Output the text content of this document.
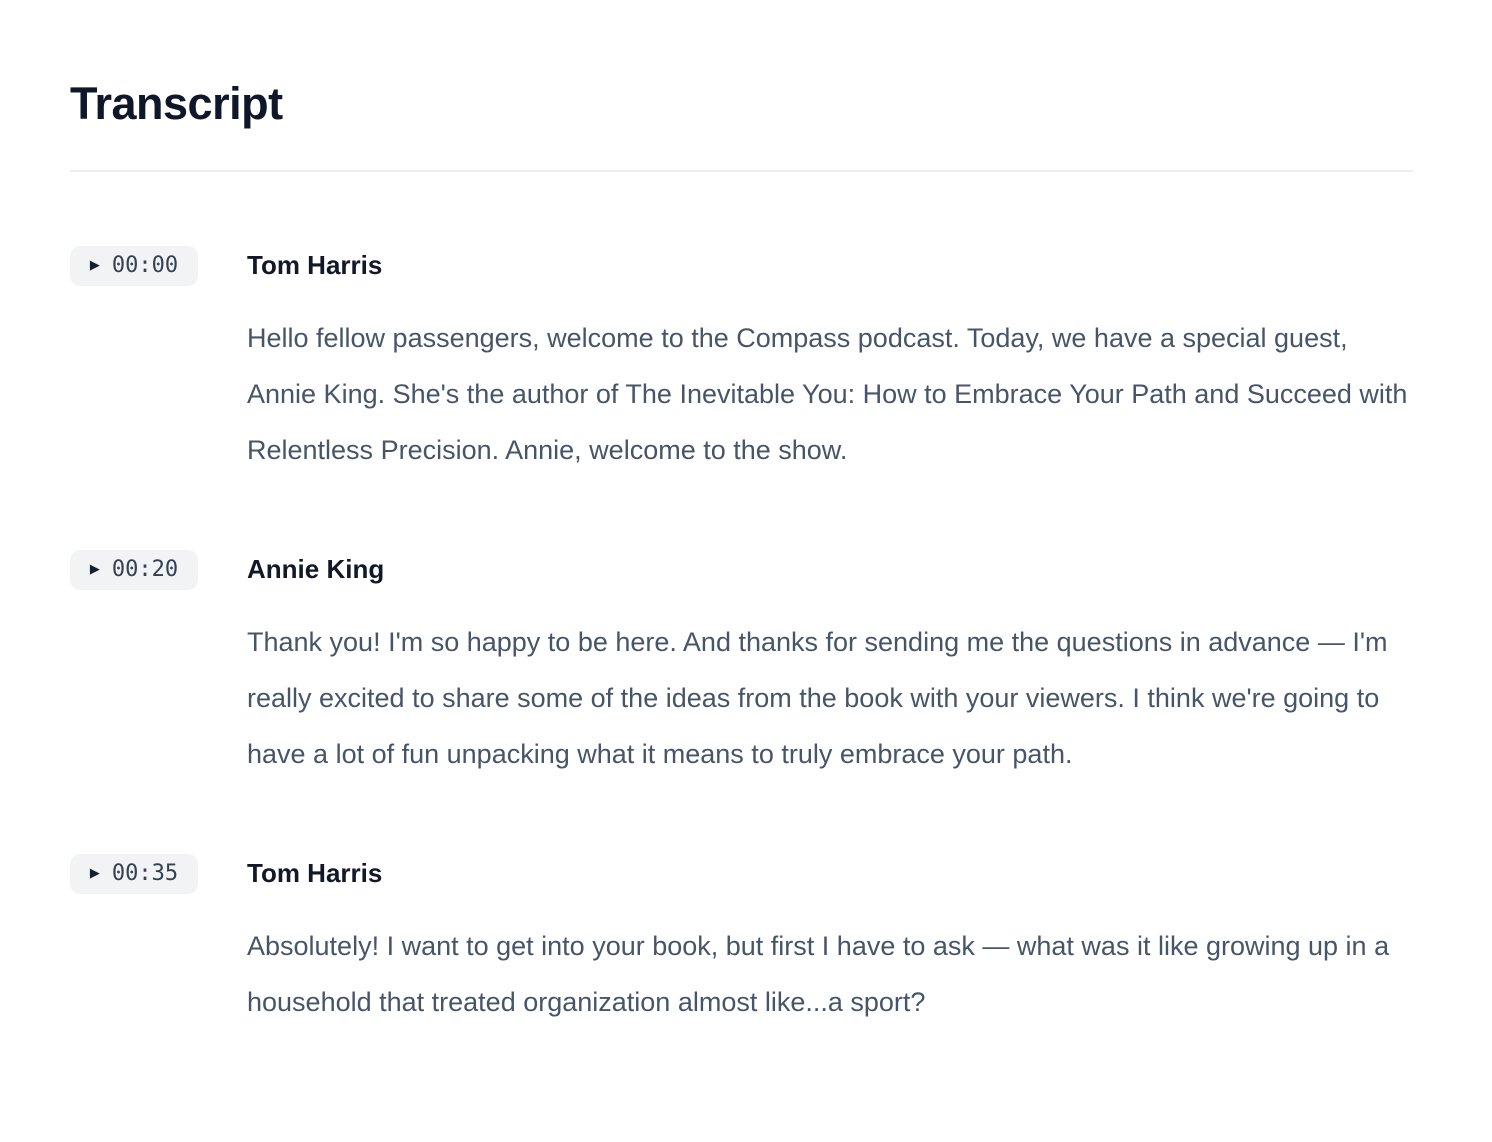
Transcript
▶ 00:00	Tom Harris

Hello fellow passengers, welcome to the Compass podcast. Today, we have a special guest, Annie King. She's the author of The Inevitable You: How to Embrace Your Path and Succeed with Relentless Precision. Annie, welcome to the show.

▶ 00:20	Annie King

Thank you! I'm so happy to be here. And thanks for sending me the questions in advance — I'm really excited to share some of the ideas from the book with your viewers. I think we're going to have a lot of fun unpacking what it means to truly embrace your path.

▶ 00:35	Tom Harris

Absolutely! I want to get into your book, but first I have to ask — what was it like growing up in a household that treated organization almost like...a sport?
